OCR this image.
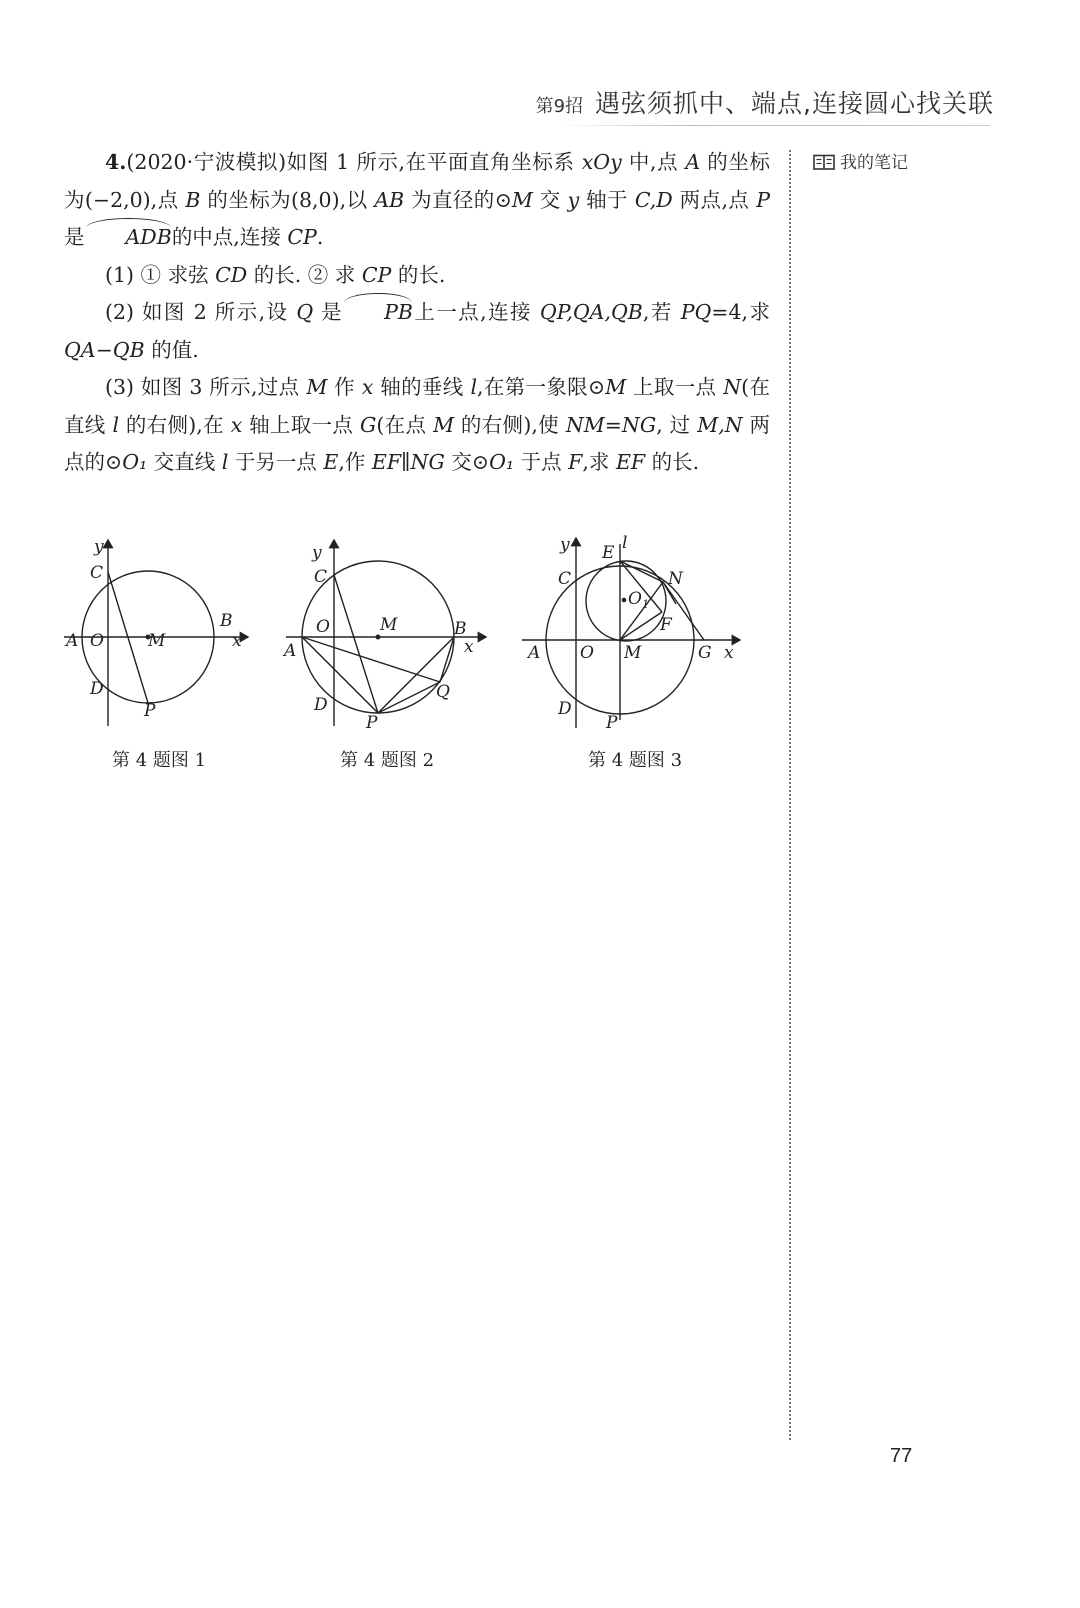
第9招 遇弦须抓中、端点,连接圆心找关联
我的笔记

4.(2020·宁波模拟)如图 1 所示,在平面直角坐标系 xOy 中,点 A 的坐标为(−2,0),点 B 的坐标为(8,0),以 AB 为直径的⊙M 交 y 轴于 C,D 两点,点 P 是 ADB的中点,连接 CP.

(1) ① 求弦 CD 的长. ② 求 CP 的长.

(2) 如图 2 所示,设 Q 是 PB上一点,连接 QP,QA,QB,若 PQ=4,求 QA−QB 的值.

(3) 如图 3 所示,过点 M 作 x 轴的垂线 l,在第一象限⊙M 上取一点 N(在直线 l 的右侧),在 x 轴上取一点 G(在点 M 的右侧),使 NM=NG, 过 M,N 两点的⊙O₁ 交直线 l 于另一点 E,作 EF∥NG 交⊙O₁ 于点 F,求 EF 的长.

y
C
B
A O	M	x
D
P
第 4 题图 1
y
C
O	M	B
A	x
Q
D
P
第 4 题图 2
y E l
C	N
$O_1$
F
A O M	G x
D
P
第 4 题图 3
77
